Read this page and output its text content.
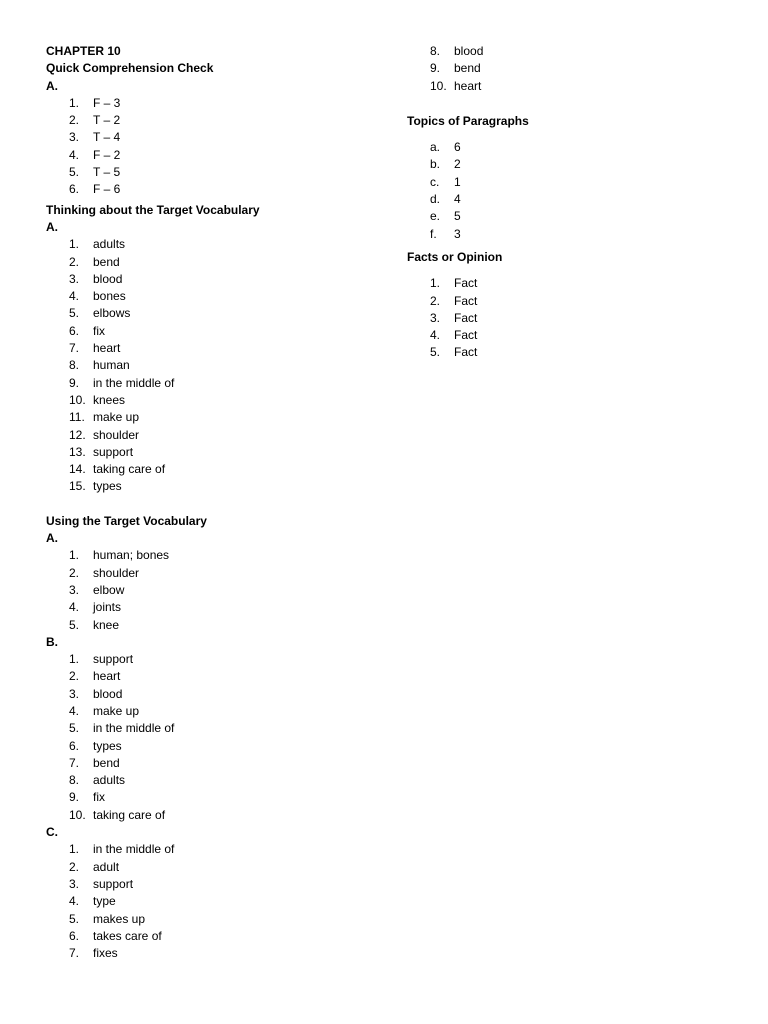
CHAPTER 10
Quick Comprehension Check
A.
1. F – 3
2. T – 2
3. T – 4
4. F – 2
5. T – 5
6. F – 6
Thinking about the Target Vocabulary
A.
1. adults
2. bend
3. blood
4. bones
5. elbows
6. fix
7. heart
8. human
9. in the middle of
10. knees
11. make up
12. shoulder
13. support
14. taking care of
15. types
Using the Target Vocabulary
A.
1. human; bones
2. shoulder
3. elbow
4. joints
5. knee
B.
1. support
2. heart
3. blood
4. make up
5. in the middle of
6. types
7. bend
8. adults
9. fix
10. taking care of
C.
1. in the middle of
2. adult
3. support
4. type
5. makes up
6. takes care of
7. fixes
8. blood
9. bend
10. heart
Topics of Paragraphs
a. 6
b. 2
c. 1
d. 4
e. 5
f. 3
Facts or Opinion
1. Fact
2. Fact
3. Fact
4. Fact
5. Fact
